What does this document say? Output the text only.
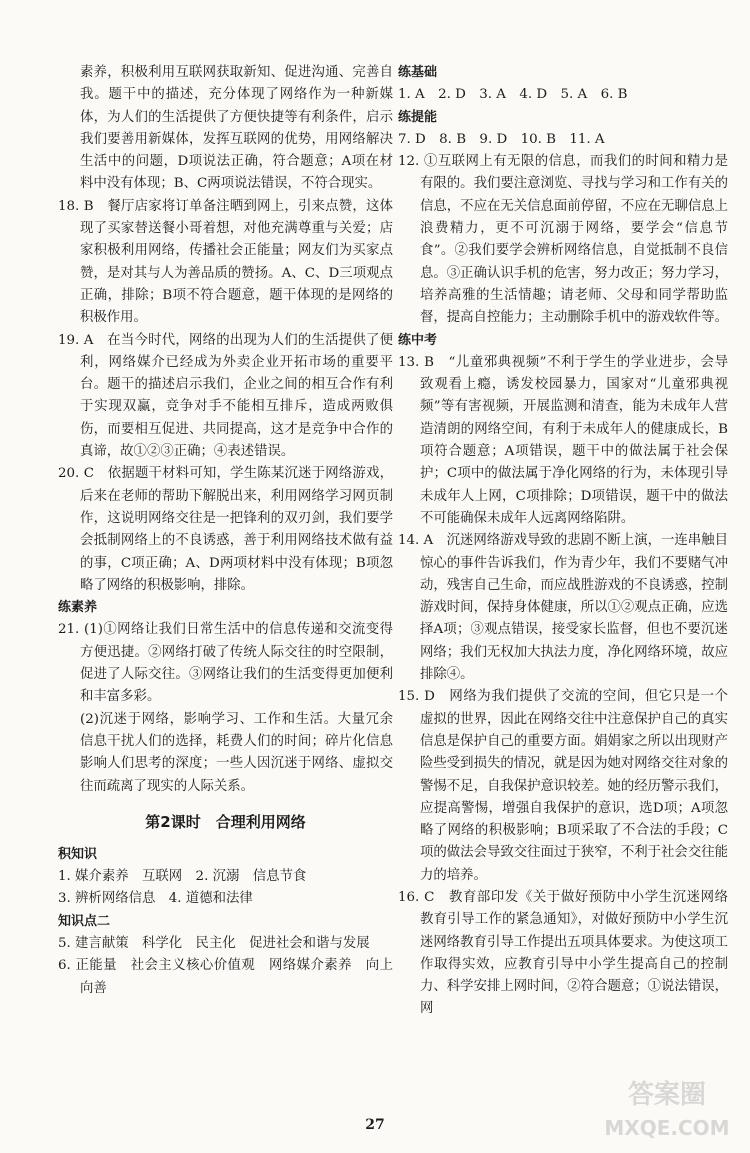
素养，积极利用互联网获取新知、促进沟通、完善自我。题干中的描述，充分体现了网络作为一种新媒体，为人们的生活提供了方便快捷等有利条件，启示我们要善用新媒体，发挥互联网的优势，用网络解决生活中的问题，D项说法正确，符合题意；A项在材料中没有体现；B、C两项说法错误，不符合现实。

18. B　餐厅店家将订单备注晒到网上，引来点赞，这体现了买家替送餐小哥着想，对他充满尊重与关爱；店家积极利用网络，传播社会正能量；网友们为买家点赞，是对其与人为善品质的赞扬。A、C、D三项观点正确，排除；B项不符合题意，题干体现的是网络的积极作用。

19. A　在当今时代，网络的出现为人们的生活提供了便利，网络媒介已经成为外卖企业开拓市场的重要平台。题干的描述启示我们，企业之间的相互合作有利于实现双赢，竞争对手不能相互排斥，造成两败俱伤，而要相互促进、共同提高，这才是竞争中合作的真谛，故①②③正确；④表述错误。

20. C　依据题干材料可知，学生陈某沉迷于网络游戏，后来在老师的帮助下解脱出来，利用网络学习网页制作，这说明网络交往是一把锋利的双刃剑，我们要学会抵制网络上的不良诱惑，善于利用网络技术做有益的事，C项正确；A、D两项材料中没有体现；B项忽略了网络的积极影响，排除。

练素养

21. (1)①网络让我们日常生活中的信息传递和交流变得方便迅捷。②网络打破了传统人际交往的时空限制，促进了人际交往。③网络让我们的生活变得更加便利和丰富多彩。

(2)沉迷于网络，影响学习、工作和生活。大量冗余信息干扰人们的选择，耗费人们的时间；碎片化信息影响人们思考的深度；一些人因沉迷于网络、虚拟交往而疏离了现实的人际关系。

第2课时　合理利用网络

积知识

1. 媒介素养　互联网　2. 沉溺　信息节食

3. 辨析网络信息　4. 道德和法律

知识点二

5. 建言献策　科学化　民主化　促进社会和谐与发展

6. 正能量　社会主义核心价值观　网络媒介素养　向上向善

练基础

1. A　2. D　3. A　4. D　5. A　6. B

练提能

7. D　8. B　9. D　10. B　11. A

12. ①互联网上有无限的信息，而我们的时间和精力是有限的。我们要注意浏览、寻找与学习和工作有关的信息，不应在无关信息面前停留，不应在无聊信息上浪费精力，更不可沉溺于网络，要学会“信息节食”。②我们要学会辨析网络信息，自觉抵制不良信息。③正确认识手机的危害，努力改正；努力学习，培养高雅的生活情趣；请老师、父母和同学帮助监督，提高自控能力；主动删除手机中的游戏软件等。

练中考

13. B　“儿童邪典视频”不利于学生的学业进步，会导致观看上瘾，诱发校园暴力，国家对“儿童邪典视频”等有害视频，开展监测和清查，能为未成年人营造清朗的网络空间，有利于未成年人的健康成长，B项符合题意；A项错误，题干中的做法属于社会保护；C项中的做法属于净化网络的行为，未体现引导未成年人上网，C项排除；D项错误，题干中的做法不可能确保未成年人远离网络陷阱。

14. A　沉迷网络游戏导致的悲剧不断上演，一连串触目惊心的事件告诉我们，作为青少年，我们不要赌气冲动，残害自己生命，而应战胜游戏的不良诱惑，控制游戏时间，保持身体健康，所以①②观点正确，应选择A项；③观点错误，接受家长监督，但也不要沉迷网络；我们无权加大执法力度，净化网络环境，故应排除④。

15. D　网络为我们提供了交流的空间，但它只是一个虚拟的世界，因此在网络交往中注意保护自己的真实信息是保护自己的重要方面。娟娟家之所以出现财产险些受到损失的情况，就是因为她对网络交往对象的警惕不足，自我保护意识较差。她的经历警示我们，应提高警惕，增强自我保护的意识，选D项；A项忽略了网络的积极影响；B项采取了不合法的手段；C项的做法会导致交往面过于狭窄，不利于社会交往能力的培养。

16. C　教育部印发《关于做好预防中小学生沉迷网络教育引导工作的紧急通知》，对做好预防中小学生沉迷网络教育引导工作提出五项具体要求。为使这项工作取得实效，应教育引导中小学生提高自己的控制力、科学安排上网时间，②符合题意；①说法错误，网

27
答案圈
MXQE.COM
